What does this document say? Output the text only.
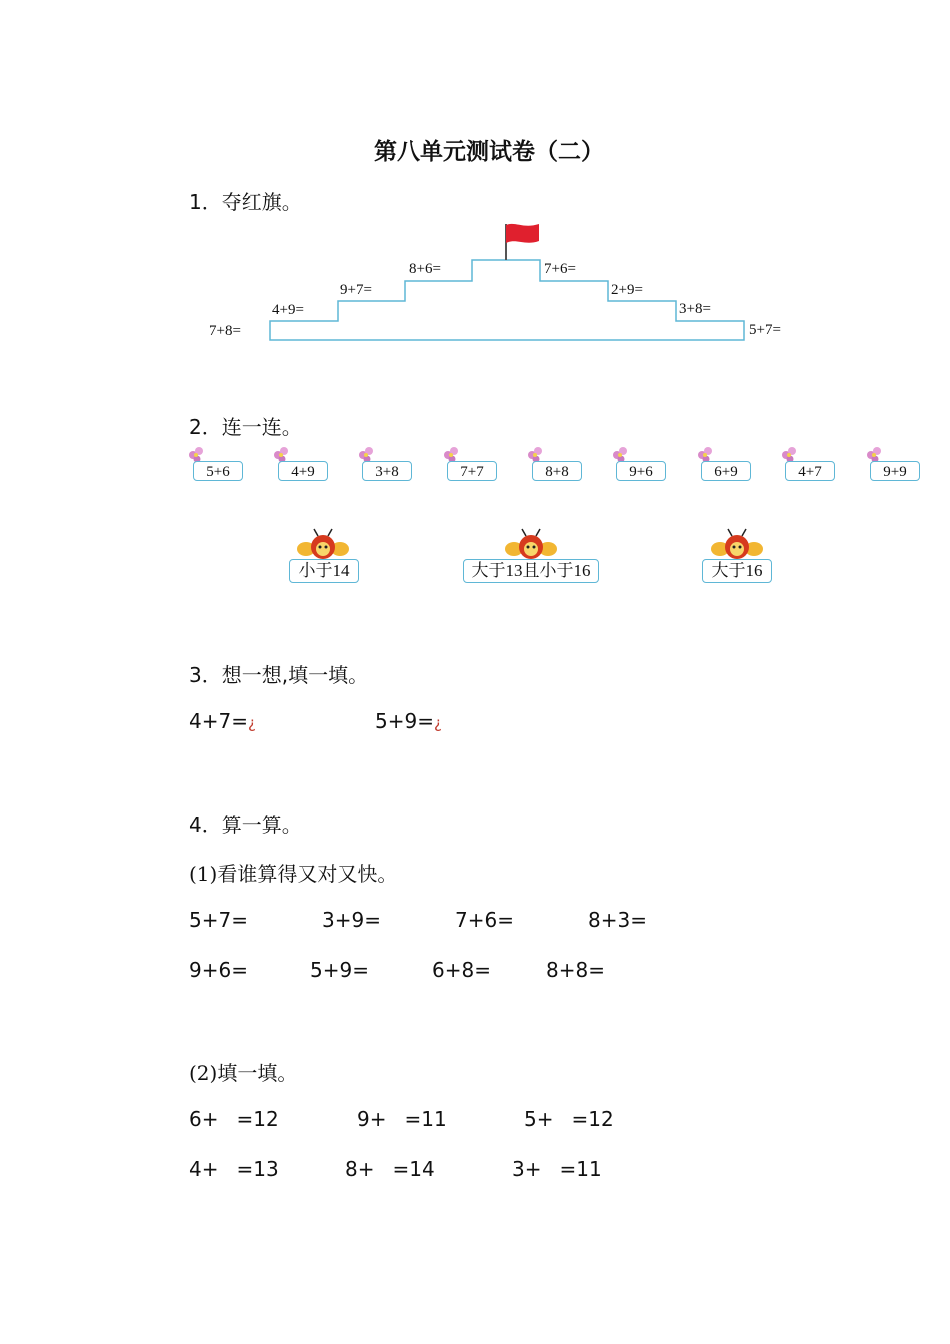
第八单元测试卷（二）
1．夺红旗。
7+8=
4+9=
9+7=
8+6=	7+6=
2+9=
3+8=
5+7=
2．连一连。
5+6	4+9	3+8	7+7	8+8	9+6	6+9	4+7	9+9
小于14	大于13且小于16	大于16
3．想一想,填一填。
4+7=¿	5+9=¿
4．算一算。
(1)看谁算得又对又快。
5+7=	3+9=	7+6=	8+3=
9+6=	5+9=	6+8=	8+8=
(2)填一填。
6+ =12	9+ =11	5+ =12
4+ =13	8+ =14	3+ =11
